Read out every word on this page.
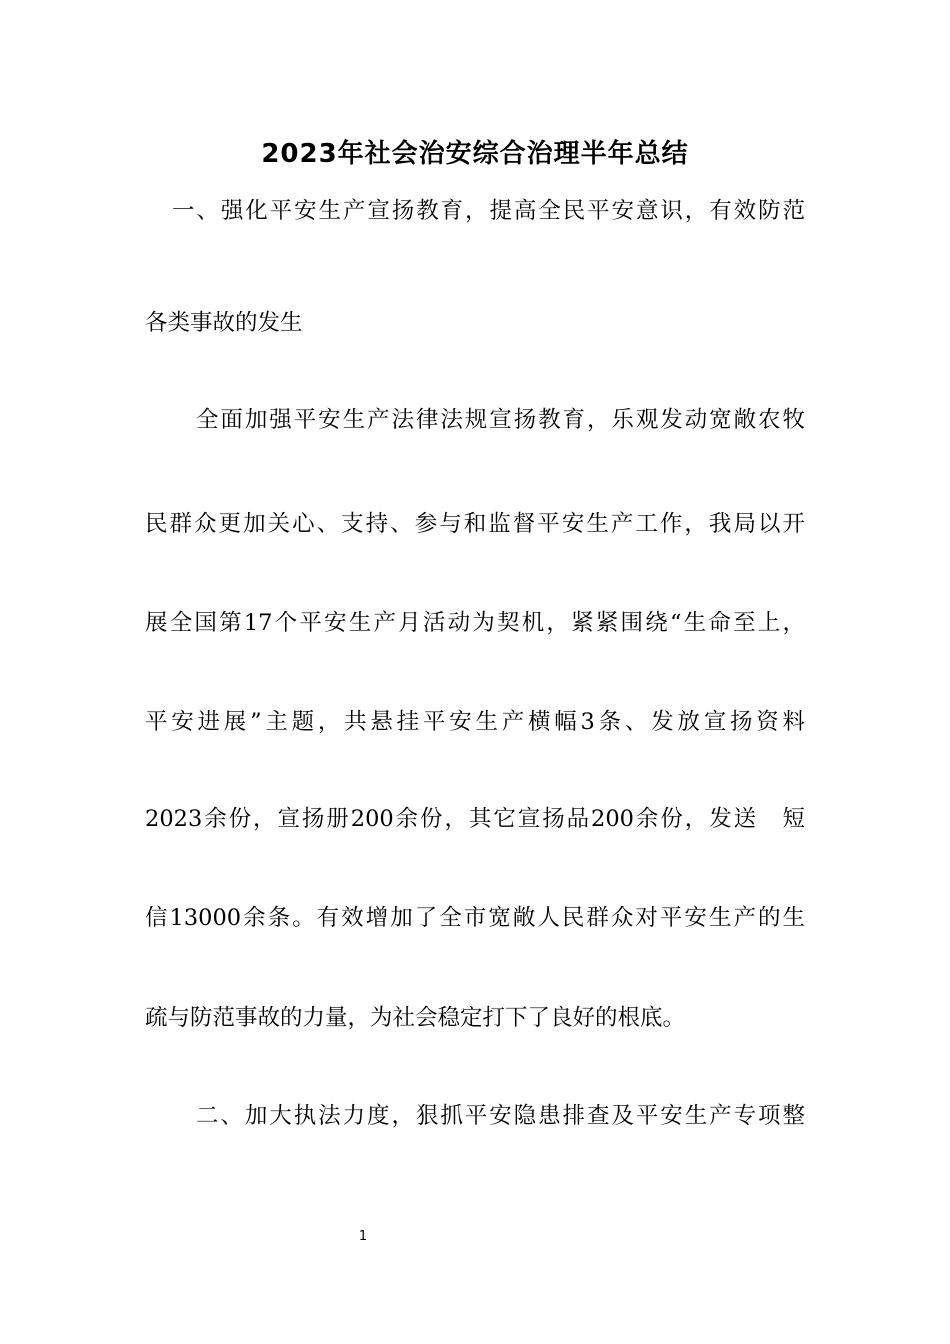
2023年社会治安综合治理半年总结
一、强化平安生产宣扬教育，提高全民平安意识，有效防范
各类事故的发生
全面加强平安生产法律法规宣扬教育，乐观发动宽敞农牧
民群众更加关心、支持、参与和监督平安生产工作，我局以开
展全国第17个平安生产月活动为契机，紧紧围绕“生命至上，
平安进展”主题，共悬挂平安生产横幅3条、发放宣扬资料
2023余份，宣扬册200余份，其它宣扬品200余份，发送　短
信13000余条。有效增加了全市宽敞人民群众对平安生产的生
疏与防范事故的力量，为社会稳定打下了良好的根底。
二、加大执法力度，狠抓平安隐患排查及平安生产专项整
1
